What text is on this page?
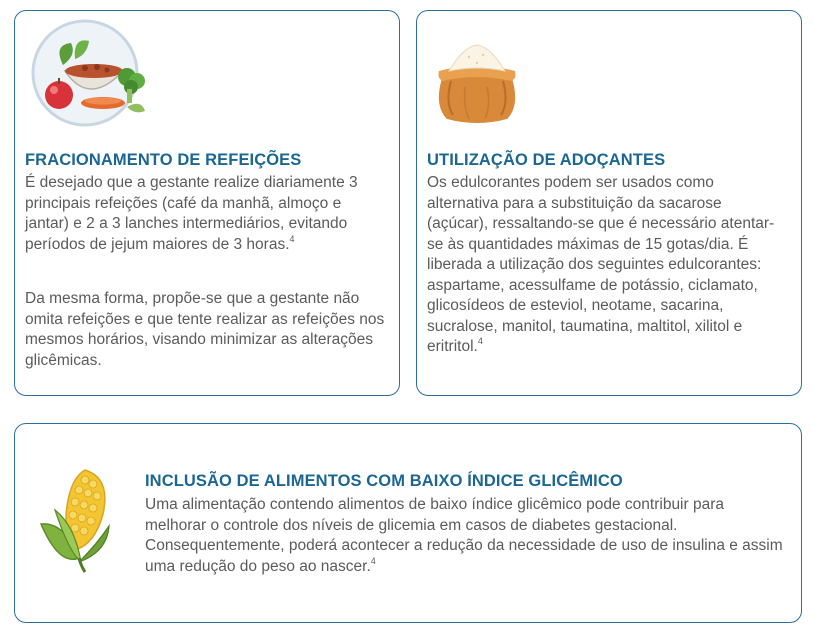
FRACIONAMENTO DE REFEIÇÕES

É desejado que a gestante realize diariamente 3 principais refeições (café da manhã, almoço e jantar) e 2 a 3 lanches intermediários, evitando períodos de jejum maiores de 3 horas.$^4$

Da mesma forma, propõe-se que a gestante não omita refeições e que tente realizar as refeições nos mesmos horários, visando minimizar as alterações glicêmicas.

UTILIZAÇÃO DE ADOÇANTES

Os edulcorantes podem ser usados como alternativa para a substituição da sacarose (açúcar), ressaltando-se que é necessário atentar-se às quantidades máximas de 15 gotas/dia. É liberada a utilização dos seguintes edulcorantes: aspartame, acessulfame de potássio, ciclamato, glicosídeos de esteviol, neotame, sacarina, sucralose, manitol, taumatina, maltitol, xilitol e eritritol.$^4$

INCLUSÃO DE ALIMENTOS COM BAIXO ÍNDICE GLICÊMICO

Uma alimentação contendo alimentos de baixo índice glicêmico pode contribuir para melhorar o controle dos níveis de glicemia em casos de diabetes gestacional. Consequentemente, poderá acontecer a redução da necessidade de uso de insulina e assim uma redução do peso ao nascer.$^4$
